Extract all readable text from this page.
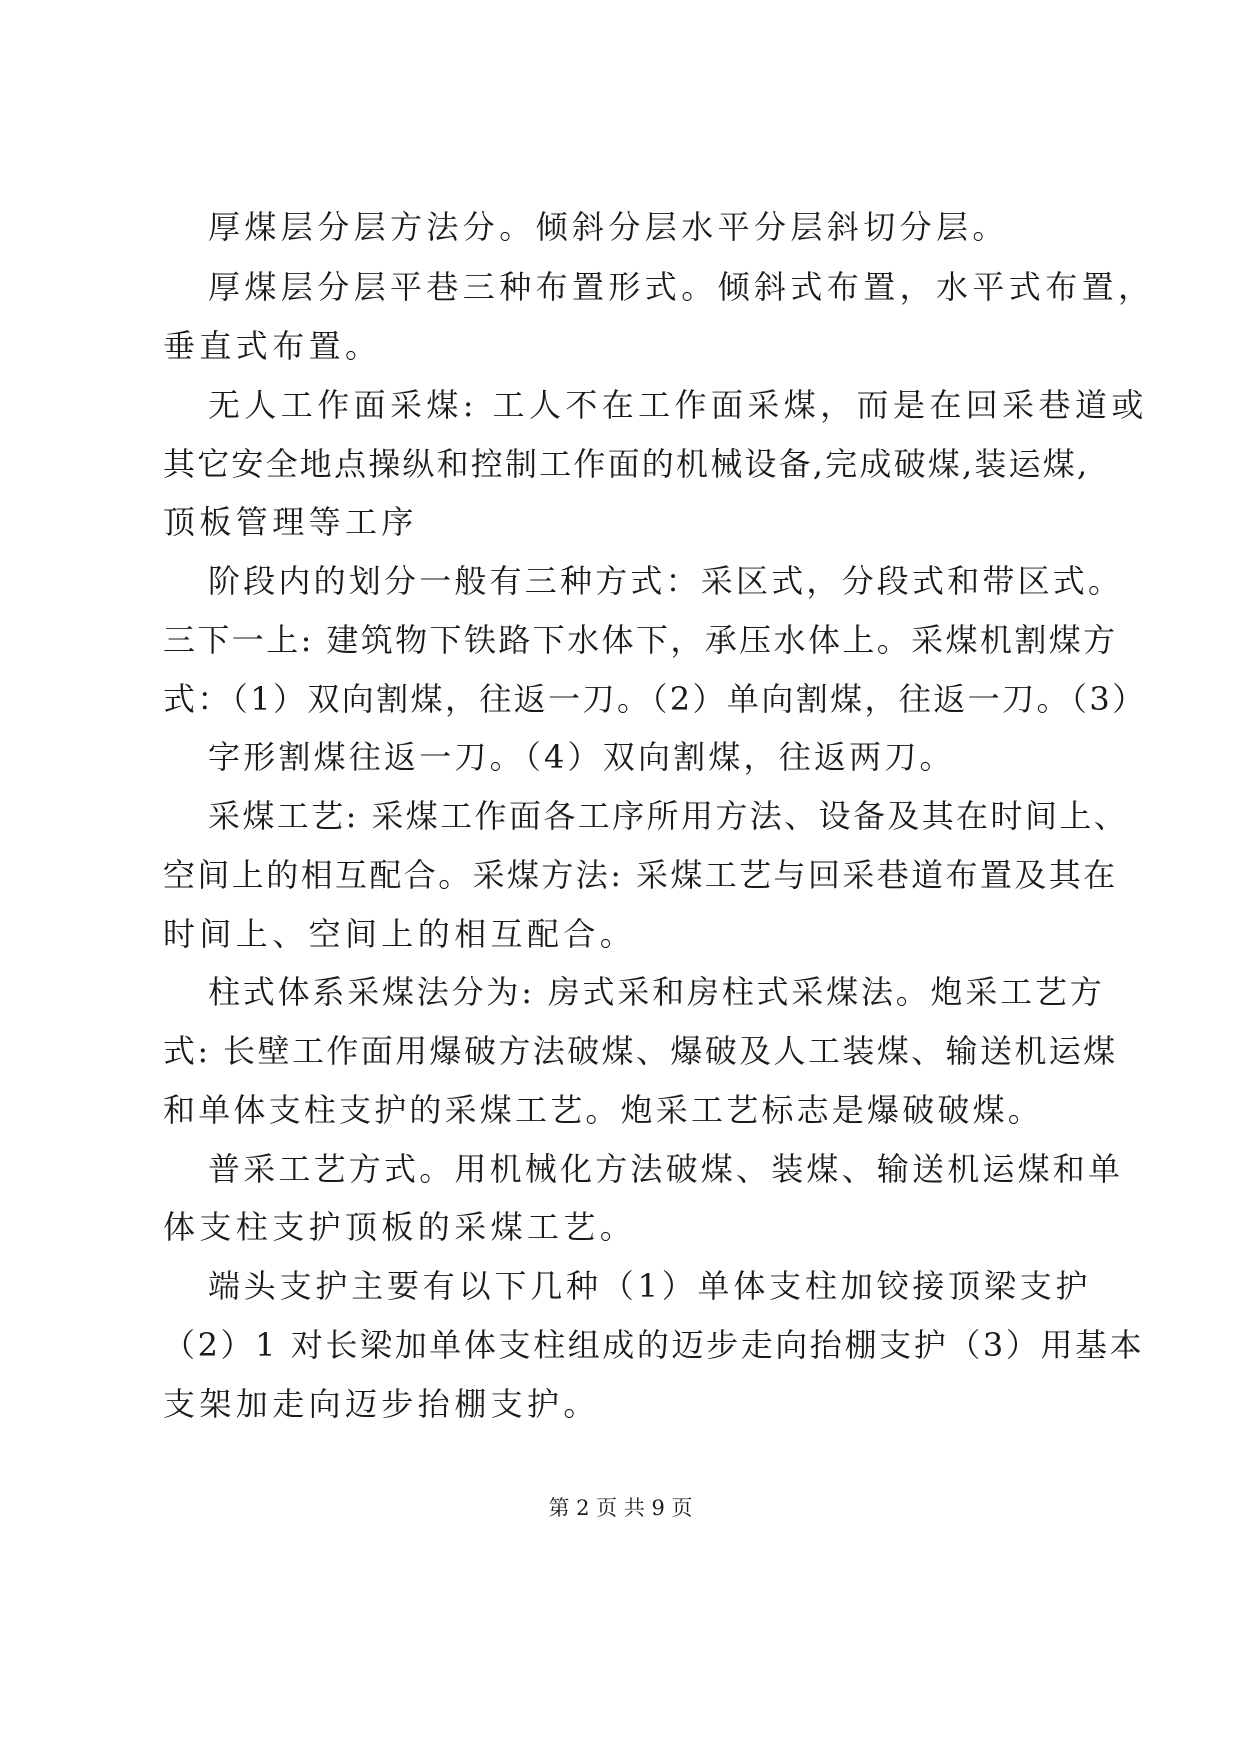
厚煤层分层方法分。倾斜分层水平分层斜切分层。
厚煤层分层平巷三种布置形式。倾斜式布置，水平式布置，
垂直式布置。
无人工作面采煤: 工人不在工作面采煤，而是在回采巷道或
其它安全地点操纵和控制工作面的机械设备,完成破煤,装运煤,
顶板管理等工序
阶段内的划分一般有三种方式：采区式，分段式和带区式。
三下一上: 建筑物下铁路下水体下，承压水体上。采煤机割煤方
式：（1）双向割煤，往返一刀。（2）单向割煤，往返一刀。（3）
字形割煤往返一刀。（4）双向割煤，往返两刀。
采煤工艺: 采煤工作面各工序所用方法、设备及其在时间上、
空间上的相互配合。采煤方法: 采煤工艺与回采巷道布置及其在
时间上、空间上的相互配合。
柱式体系采煤法分为: 房式采和房柱式采煤法。炮采工艺方
式: 长壁工作面用爆破方法破煤、爆破及人工装煤、输送机运煤
和单体支柱支护的采煤工艺。炮采工艺标志是爆破破煤。
普采工艺方式。用机械化方法破煤、装煤、输送机运煤和单
体支柱支护顶板的采煤工艺。
端头支护主要有以下几种（1）单体支柱加铰接顶梁支护
（2）1 对长梁加单体支柱组成的迈步走向抬棚支护（3）用基本
支架加走向迈步抬棚支护。
第 2 页 共 9 页
